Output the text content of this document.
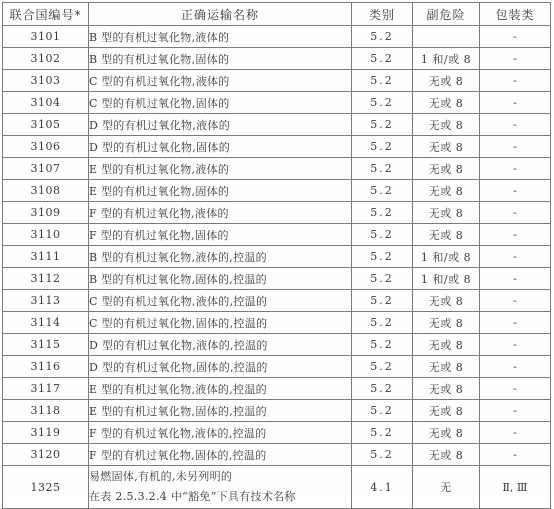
联合国编号*	正确运输名称	类别	副危险	包装类
3101	B 型的有机过氧化物,液体的	5.2		-
3102	B 型的有机过氧化物,固体的	5.2	1 和/或 8	-
3103	C 型的有机过氧化物,液体的	5.2	无或 8	-
3104	C 型的有机过氧化物,固体的	5.2	无或 8	-
3105	D 型的有机过氧化物,液体的	5.2	无或 8	-
3106	D 型的有机过氧化物,固体的	5.2	无或 8	-
3107	E 型的有机过氧化物,液体的	5.2	无或 8	-
3108	E 型的有机过氧化物,固体的	5.2	无或 8	-
3109	F 型的有机过氧化物,液体的	5.2	无或 8	-
3110	F 型的有机过氧化物,固体的	5.2	无或 8	-
3111	B 型的有机过氧化物,液体的,控温的	5.2	1 和/或 8	-
3112	B 型的有机过氧化物,固体的,控温的	5.2	1 和/或 8	-
3113	C 型的有机过氧化物,液体的,控温的	5.2	无或 8	-
3114	C 型的有机过氧化物,固体的,控温的	5.2	无或 8	-
3115	D 型的有机过氧化物,液体的,控温的	5.2	无或 8	-
3116	D 型的有机过氧化物,固体的,控温的	5.2	无或 8	-
3117	E 型的有机过氧化物,液体的,控温的	5.2	无或 8	-
3118	E 型的有机过氧化物,固体的,控温的	5.2	无或 8	-
3119	F 型的有机过氧化物,液体的,控温的	5.2	无或 8	-
3120	F 型的有机过氧化物,固体的,控温的	5.2	无或 8	-
1325	易燃固体,有机的,未另列明的
在表 2.5.3.2.4 中“豁免”下具有技术名称	4.1	无	Ⅱ, Ⅲ
